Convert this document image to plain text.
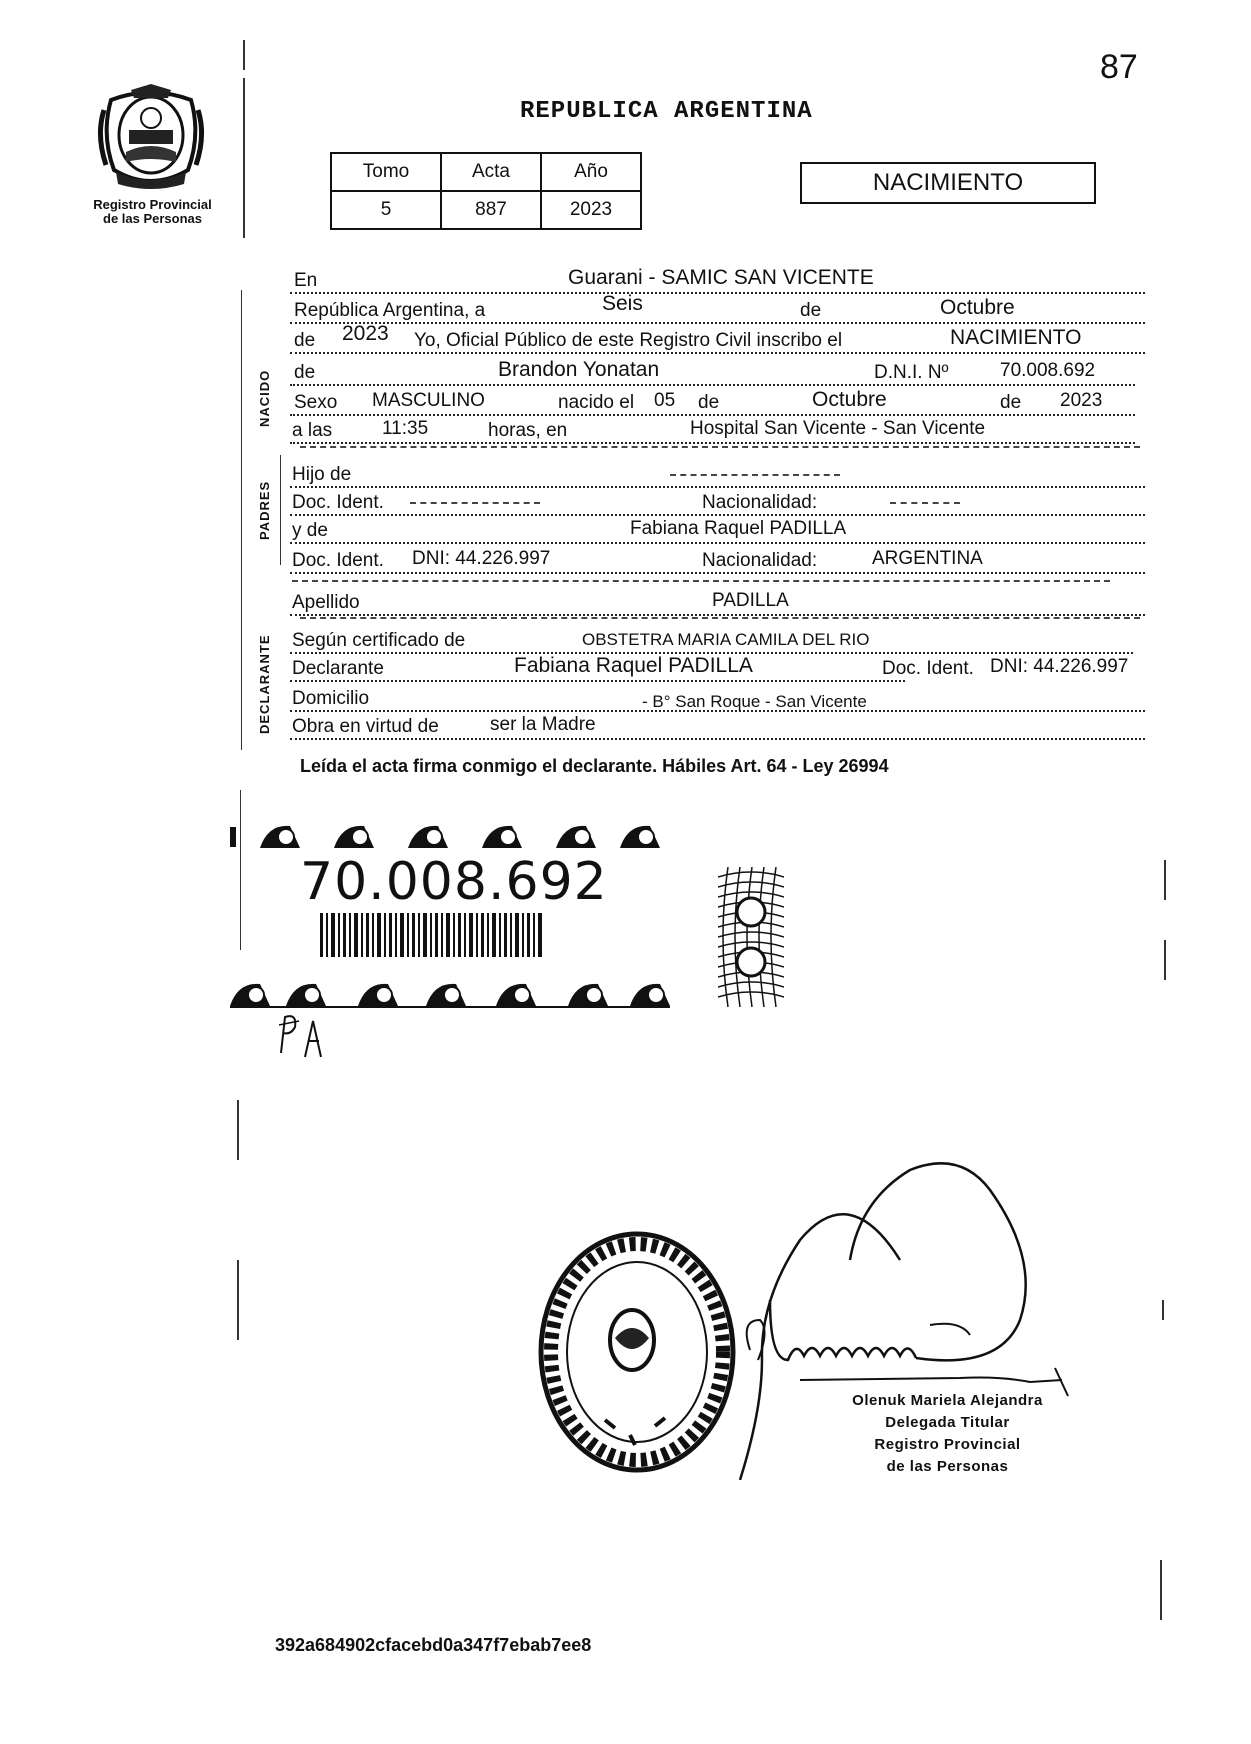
87
Registro Provincial
de las Personas
REPUBLICA ARGENTINA
Tomo	Acta	Año
5	887	2023
NACIMIENTO
NACIDO
PADRES
DECLARANTE
En	Guarani - SAMIC SAN VICENTE
República Argentina, a	Seis	de	Octubre
de 2023 Yo, Oficial Público de este Registro Civil inscribo el	NACIMIENTO
de	Brandon Yonatan	D.N.I. Nº	70.008.692
Sexo MASCULINO	nacido el 05 de	Octubre	de 2023
a las	11:35	horas, en	Hospital San Vicente - San Vicente
Hijo de
Doc. Ident.	Nacionalidad:
y de	Fabiana Raquel PADILLA
Doc. Ident. DNI: 44.226.997	Nacionalidad:	ARGENTINA
Apellido	PADILLA
Según certificado de	OBSTETRA MARIA CAMILA DEL RIO
Declarante	Fabiana Raquel PADILLA	Doc. Ident. DNI: 44.226.997
Domicilio	- B° San Roque - San Vicente
Obra en virtud de	ser la Madre
Leída el acta firma conmigo el declarante. Hábiles Art. 64 - Ley 26994
70.008.692
Olenuk Mariela Alejandra
Delegada Titular
Registro Provincial
de las Personas
392a684902cfacebd0a347f7ebab7ee8
